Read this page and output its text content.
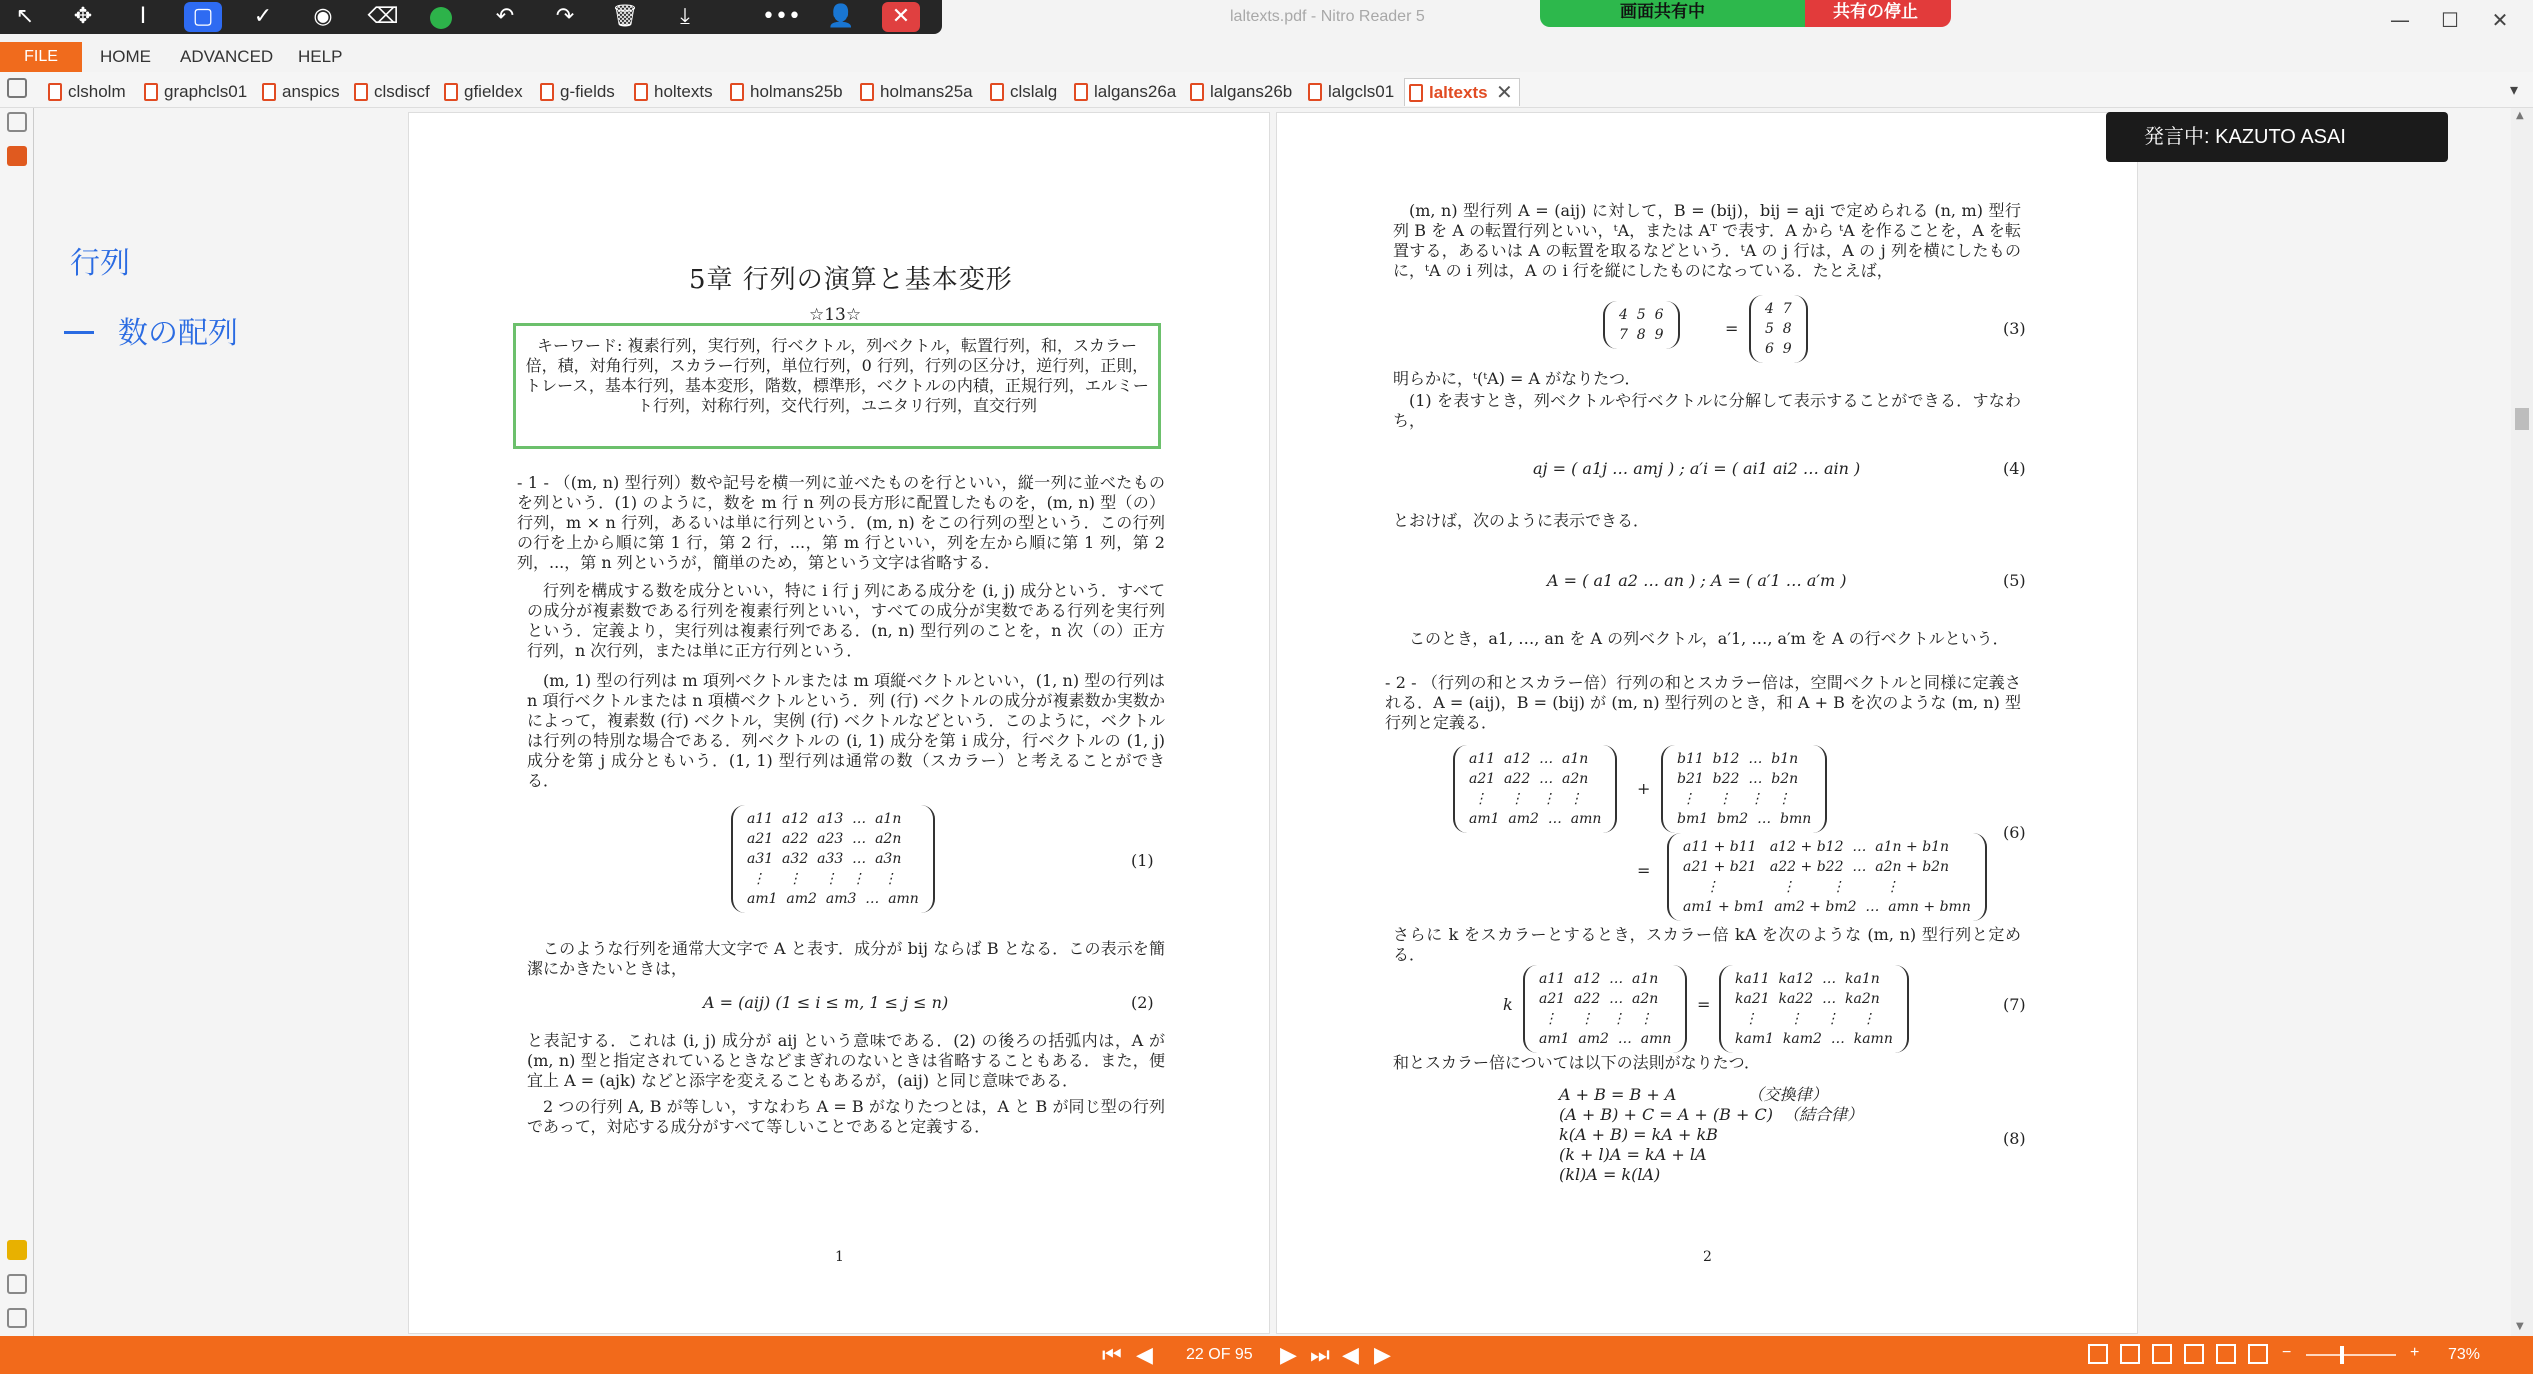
laltexts.pdf - Nitro Reader 5	—	☐	✕
↖	✥	I	▢	✓	◉	⌫	↶	↷	🗑	⤓	••• 👤	✕	画面共有中	共有の停止
FILE	HOME ADVANCED HELP
clsholm	graphcls01	anspics	clsdiscf	gfieldex	g-fields	holtexts	holmans25b	holmans25a	clslalg	lalgans26a	lalgans26b	lalgcls01	laltexts ✕	▾
行列
数の配列
5章 行列の演算と基本変形
☆13☆
キーワード: 複素行列，実行列，行ベクトル，列ベクトル，転置行列，和，スカラー倍，積，対角行列，スカラー行列，単位行列，0 行列，行列の区分け，逆行列，正則，トレース，基本行列，基本変形，階数，標準形，ベクトルの内積，正規行列，エルミート行列，対称行列，交代行列，ユニタリ行列，直交行列
- 1 - （(m, n) 型行列）数や記号を横一列に並べたものを行といい，縦一列に並べたものを列という．(1) のように，数を m 行 n 列の長方形に配置したものを，(m, n) 型（の）行列，m × n 行列，あるいは単に行列という．(m, n) をこの行列の型という．この行列の行を上から順に第 1 行，第 2 行，...，第 m 行といい，列を左から順に第 1 列，第 2 列，...，第 n 列というが，簡単のため，第という文字は省略する．
行列を構成する数を成分といい，特に i 行 j 列にある成分を (i, j) 成分という．すべての成分が複素数である行列を複素行列といい，すべての成分が実数である行列を実行列という．定義より，実行列は複素行列である．(n, n) 型行列のことを，n 次（の）正方行列，n 次行列，または単に正方行列という．
(m, 1) 型の行列は m 項列ベクトルまたは m 項縦ベクトルといい，(1, n) 型の行列は n 項行ベクトルまたは n 項横ベクトルという．列 (行) ベクトルの成分が複素数か実数かによって，複素数 (行) ベクトル，実例 (行) ベクトルなどという．このように，ベクトルは行列の特別な場合である．列ベクトルの (i, 1) 成分を第 i 成分，行ベクトルの (1, j) 成分を第 j 成分ともいう．(1, 1) 型行列は通常の数（スカラー）と考えることができる．
a11  a12  a13  …  a1n
a21  a22  a23  …  a2n
a31  a32  a33  …  a3n
⋮     ⋮     ⋮   ⋮    ⋮
am1  am2  am3  …  amn
(1)
このような行列を通常大文字で A と表す．成分が bij ならば B となる．この表示を簡潔にかきたいときは，
A = (aij) (1 ≤ i ≤ m, 1 ≤ j ≤ n)	(2)
と表記する．これは (i, j) 成分が aij という意味である．(2) の後ろの括弧内は，A が (m, n) 型と指定されているときなどまぎれのないときは省略することもある．また，便宜上 A = (ajk) などと添字を変えることもあるが，(aij) と同じ意味である．
2 つの行列 A, B が等しい，すなわち A = B がなりたつとは，A と B が同じ型の行列であって，対応する成分がすべて等しいことであると定義する．
1
(m, n) 型行列 A = (aij) に対して，B = (bij)，bij = aji で定められる (n, m) 型行列 B を A の転置行列といい，ᵗA，または Aᵀ で表す．A から ᵗA を作ることを，A を転置する，あるいは A の転置を取るなどという．ᵗA の j 行は，A の j 列を横にしたものに，ᵗA の i 列は，A の i 行を縦にしたものになっている．たとえば，
4  5  6
7  8  9	=
4  7
5  8
6  9
(3)
明らかに，ᵗ(ᵗA) = A がなりたつ．
(1) を表すとき，列ベクトルや行ベクトルに分解して表示することができる．すなわち，
aj = ( a1j … amj ) ; a′i = ( ai1 ai2 … ain )	(4)
とおけば，次のように表示できる．
A = ( a1 a2 … an ) ; A = ( a′1 … a′m )	(5)
このとき，a1, …, an を A の列ベクトル，a′1, …, a′m を A の行ベクトルという．
- 2 - （行列の和とスカラー倍）行列の和とスカラー倍は，空間ベクトルと同様に定義される．A = (aij)，B = (bij) が (m, n) 型行列のとき，和 A + B を次のような (m, n) 型行列と定義る．
a11  a12  …  a1n
a21  a22  …  a2n
⋮     ⋮    ⋮   ⋮
am1  am2  …  amn
+
b11  b12  …  b1n
b21  b22  …  b2n
⋮     ⋮    ⋮   ⋮
bm1  bm2  …  bmn
=
a11 + b11   a12 + b12  …  a1n + b1n
a21 + b21   a22 + b22  …  a2n + b2n
⋮              ⋮        ⋮         ⋮
am1 + bm1  am2 + bm2  …  amn + bmn
(6)
さらに k をスカラーとするとき，スカラー倍 kA を次のような (m, n) 型行列と定める．
k
a11  a12  …  a1n
a21  a22  …  a2n
⋮     ⋮    ⋮   ⋮
am1  am2  …  amn
=
ka11  ka12  …  ka1n
ka21  ka22  …  ka2n
⋮       ⋮     ⋮     ⋮
kam1  kam2  …  kamn
(7)
和とスカラー倍については以下の法則がなりたつ．
A + B = B + A              （交換律）
(A + B) + C = A + (B + C)  （結合律）
k(A + B) = kA + kB
(k + l)A = kA + lA
(kl)A = k(lA)
(8)
2
発言中: KAZUTO ASAI
▲
▼
⏮ ◀ 22 OF 95 ▶ ⏭ ◀ ▶	−	+ 73%
